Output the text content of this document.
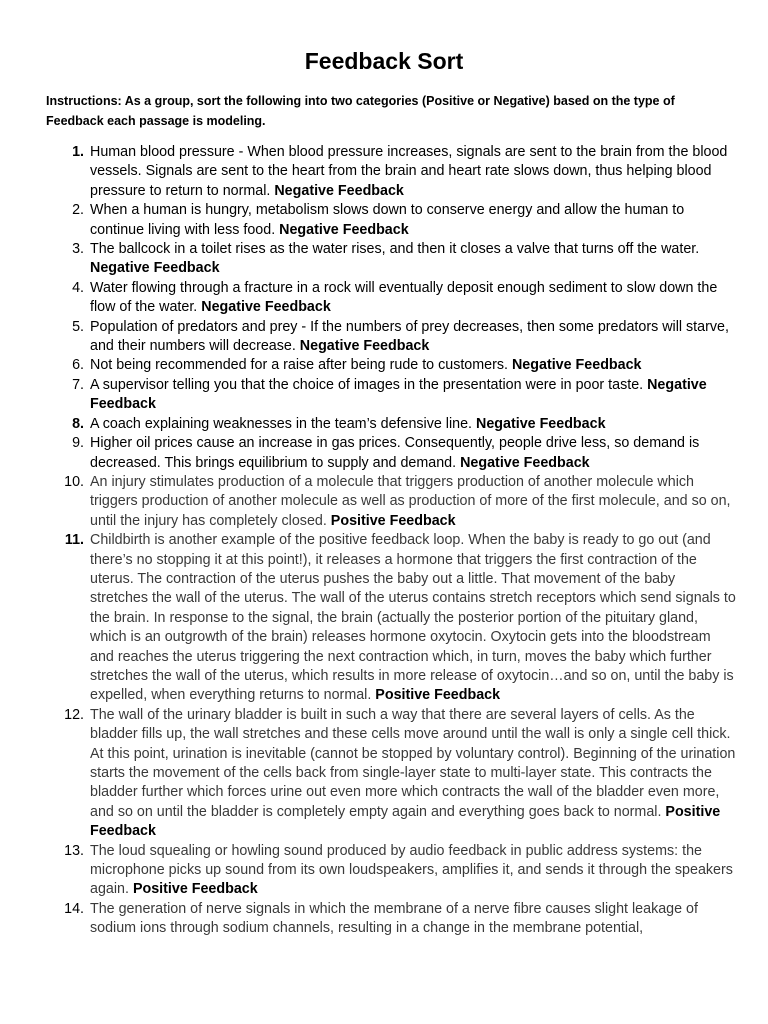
Feedback Sort

Instructions: As a group, sort the following into two categories (Positive or Negative) based on the type of Feedback each passage is modeling.

1. Human blood pressure - When blood pressure increases, signals are sent to the brain from the blood vessels. Signals are sent to the heart from the brain and heart rate slows down, thus helping blood pressure to return to normal. Negative Feedback
2. When a human is hungry, metabolism slows down to conserve energy and allow the human to continue living with less food. Negative Feedback
3. The ballcock in a toilet rises as the water rises, and then it closes a valve that turns off the water. Negative Feedback
4. Water flowing through a fracture in a rock will eventually deposit enough sediment to slow down the flow of the water. Negative Feedback
5. Population of predators and prey - If the numbers of prey decreases, then some predators will starve, and their numbers will decrease. Negative Feedback
6. Not being recommended for a raise after being rude to customers. Negative Feedback
7. A supervisor telling you that the choice of images in the presentation were in poor taste. Negative Feedback
8. A coach explaining weaknesses in the team’s defensive line. Negative Feedback
9. Higher oil prices cause an increase in gas prices. Consequently, people drive less, so demand is decreased. This brings equilibrium to supply and demand. Negative Feedback
10. An injury stimulates production of a molecule that triggers production of another molecule which triggers production of another molecule as well as production of more of the first molecule, and so on, until the injury has completely closed. Positive Feedback
11. Childbirth is another example of the positive feedback loop. When the baby is ready to go out (and there’s no stopping it at this point!), it releases a hormone that triggers the first contraction of the uterus. The contraction of the uterus pushes the baby out a little. That movement of the baby stretches the wall of the uterus. The wall of the uterus contains stretch receptors which send signals to the brain. In response to the signal, the brain (actually the posterior portion of the pituitary gland, which is an outgrowth of the brain) releases hormone oxytocin. Oxytocin gets into the bloodstream and reaches the uterus triggering the next contraction which, in turn, moves the baby which further stretches the wall of the uterus, which results in more release of oxytocin…and so on, until the baby is expelled, when everything returns to normal. Positive Feedback
12. The wall of the urinary bladder is built in such a way that there are several layers of cells. As the bladder fills up, the wall stretches and these cells move around until the wall is only a single cell thick. At this point, urination is inevitable (cannot be stopped by voluntary control). Beginning of the urination starts the movement of the cells back from single-layer state to multi-layer state. This contracts the bladder further which forces urine out even more which contracts the wall of the bladder even more, and so on until the bladder is completely empty again and everything goes back to normal. Positive Feedback
13. The loud squealing or howling sound produced by audio feedback in public address systems: the microphone picks up sound from its own loudspeakers, amplifies it, and sends it through the speakers again. Positive Feedback
14. The generation of nerve signals in which the membrane of a nerve fibre causes slight leakage of sodium ions through sodium channels, resulting in a change in the membrane potential,
